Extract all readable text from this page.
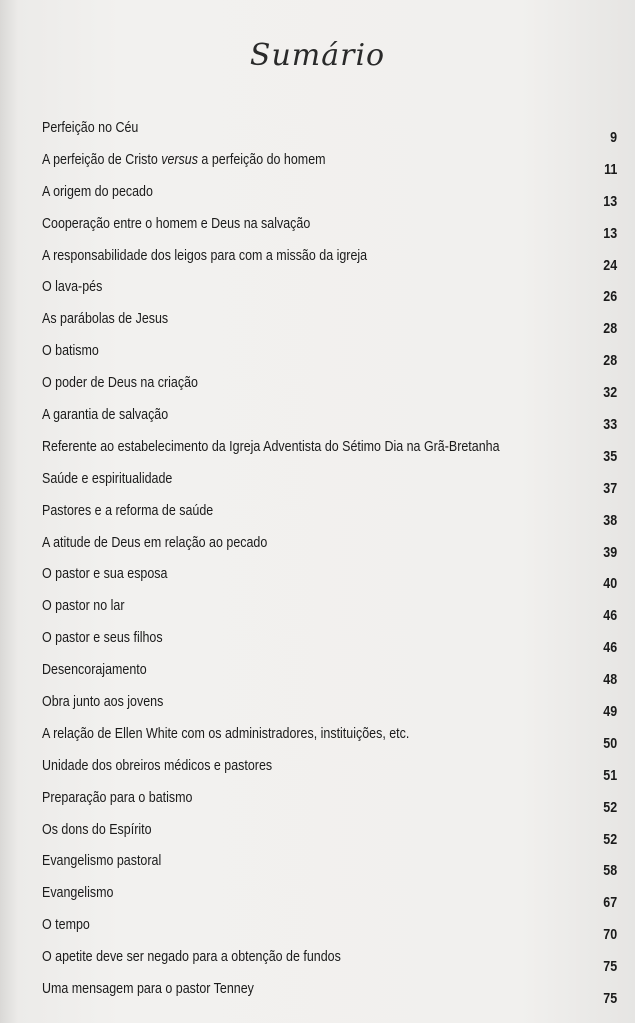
Sumário
Perfeição no Céu
9
A perfeição de Cristo versus a perfeição do homem
11
A origem do pecado
13
Cooperação entre o homem e Deus na salvação
13
A responsabilidade dos leigos para com a missão da igreja
24
O lava-pés
26
As parábolas de Jesus
28
O batismo
28
O poder de Deus na criação
32
A garantia de salvação
33
Referente ao estabelecimento da Igreja Adventista do Sétimo Dia na Grã-Bretanha
35
Saúde e espiritualidade
37
Pastores e a reforma de saúde
38
A atitude de Deus em relação ao pecado
39
O pastor e sua esposa
40
O pastor no lar
46
O pastor e seus filhos
46
Desencorajamento
48
Obra junto aos jovens
49
A relação de Ellen White com os administradores, instituições, etc.
50
Unidade dos obreiros médicos e pastores
51
Preparação para o batismo
52
Os dons do Espírito
52
Evangelismo pastoral
58
Evangelismo
67
O tempo
70
O apetite deve ser negado para a obtenção de fundos
75
Uma mensagem para o pastor Tenney
75
